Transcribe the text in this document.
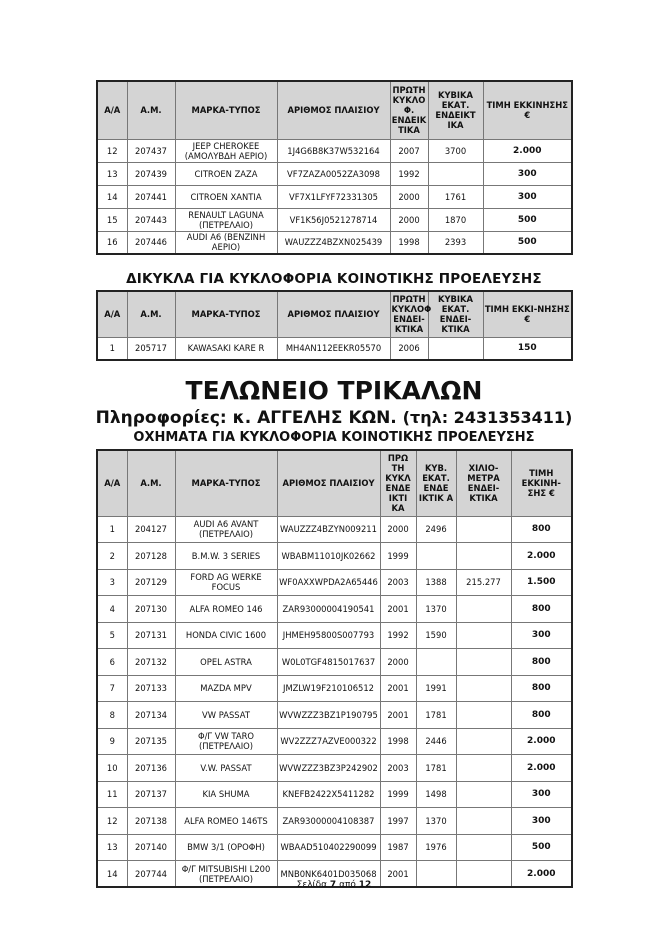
Α/Α	Α.Μ.	ΜΑΡΚΑ-ΤΥΠΟΣ	ΑΡΙΘΜΟΣ ΠΛΑΙΣΙΟΥ	ΠΡΩΤΗ ΚΥΚΛΟ Φ. ΕΝΔΕΙΚ ΤΙΚΑ	ΚΥΒΙΚΑ ΕΚΑΤ. ΕΝΔΕΙΚΤ ΙΚΑ	ΤΙΜΗ ΕΚΚΙΝΗΣΗΣ €
12	207437	JEEP CHEROKEE (ΑΜΟΛΥΒΔΗ ΑΕΡΙΟ)	1J4G6B8K37W532164	2007	3700	2.000
13	207439	CITROEN ZAZA	VF7ZAZA0052ZA3098	1992		300
14	207441	CITROEN XANTIA	VF7X1LFYF72331305	2000	1761	300
15	207443	RENAULT LAGUNA (ΠΕΤΡΕΛΑΙΟ)	VF1K56J0521278714	2000	1870	500
16	207446	AUDI A6 (ΒΕΝΖΙΝΗ ΑΕΡΙΟ)	WAUZZZ4BZXN025439	1998	2393	500
ΔΙΚΥΚΛΑ ΓΙΑ ΚΥΚΛΟΦΟΡΙΑ ΚΟΙΝΟΤΙΚΗΣ ΠΡΟΕΛΕΥΣΗΣ
Α/Α	Α.Μ.	ΜΑΡΚΑ-ΤΥΠΟΣ	ΑΡΙΘΜΟΣ ΠΛΑΙΣΙΟΥ	ΠΡΩΤΗ ΚΥΚΛΟΦ ΕΝΔΕΙ-ΚΤΙΚΑ	ΚΥΒΙΚΑ ΕΚΑΤ. ΕΝΔΕΙ-ΚΤΙΚΑ	ΤΙΜΗ ΕΚΚΙ-ΝΗΣΗΣ €
1	205717	KAWASAKI KARE R	MH4AN112EEKR05570	2006		150
ΤΕΛΩΝΕΙΟ ΤΡΙΚΑΛΩΝ
Πληροφορίες: κ. ΑΓΓΕΛΗΣ ΚΩΝ. (τηλ: 2431353411)
ΟΧΗΜΑΤΑ ΓΙΑ ΚΥΚΛΟΦΟΡΙΑ ΚΟΙΝΟΤΙΚΗΣ ΠΡΟΕΛΕΥΣΗΣ
Α/Α	Α.Μ.	ΜΑΡΚΑ-ΤΥΠΟΣ	ΑΡΙΘΜΟΣ ΠΛΑΙΣΙΟΥ	ΠΡΩ ΤΗ ΚΥΚΛ ΕΝΔΕ ΙΚΤΙ ΚΑ	ΚΥΒ. ΕΚΑΤ. ΕΝΔΕ ΙΚΤΙΚ Α	ΧΙΛΙΟ-ΜΕΤΡΑ ΕΝΔΕΙ-ΚΤΙΚΑ	ΤΙΜΗ ΕΚΚΙΝΗ-ΣΗΣ €
1	204127	AUDI A6 AVANT (ΠΕΤΡΕΛΑΙΟ)	WAUZZZ4BZYN009211	2000	2496		800
2	207128	B.M.W. 3 SERIES	WBABM11010JK02662	1999			2.000
3	207129	FORD AG WERKE FOCUS	WF0AXXWPDA2A65446	2003	1388	215.277	1.500
4	207130	ALFA ROMEO 146	ZAR93000004190541	2001	1370		800
5	207131	HONDA CIVIC 1600	JHMEH95800S007793	1992	1590		300
6	207132	OPEL ASTRA	W0L0TGF4815017637	2000			800
7	207133	MAZDA MPV	JMZLW19F210106512	2001	1991		800
8	207134	VW PASSAT	WVWZZZ3BZ1P190795	2001	1781		800
9	207135	Φ/Γ VW TARO (ΠΕΤΡΕΛΑΙΟ)	WV2ZZZ7AZVE000322	1998	2446		2.000
10	207136	V.W. PASSAT	WVWZZZ3BZ3P242902	2003	1781		2.000
11	207137	KIA SHUMA	KNEFB2422X5411282	1999	1498		300
12	207138	ALFA ROMEO 146TS	ZAR93000004108387	1997	1370		300
13	207140	BMW 3/1 (ΟΡΟΦΗ)	WBAAD510402290099	1987	1976		500
14	207744	Φ/Γ MITSUBISHI L200 (ΠΕΤΡΕΛΑΙΟ)	MNB0NK6401D035068	2001			2.000
Σελίδα 7 από 12
